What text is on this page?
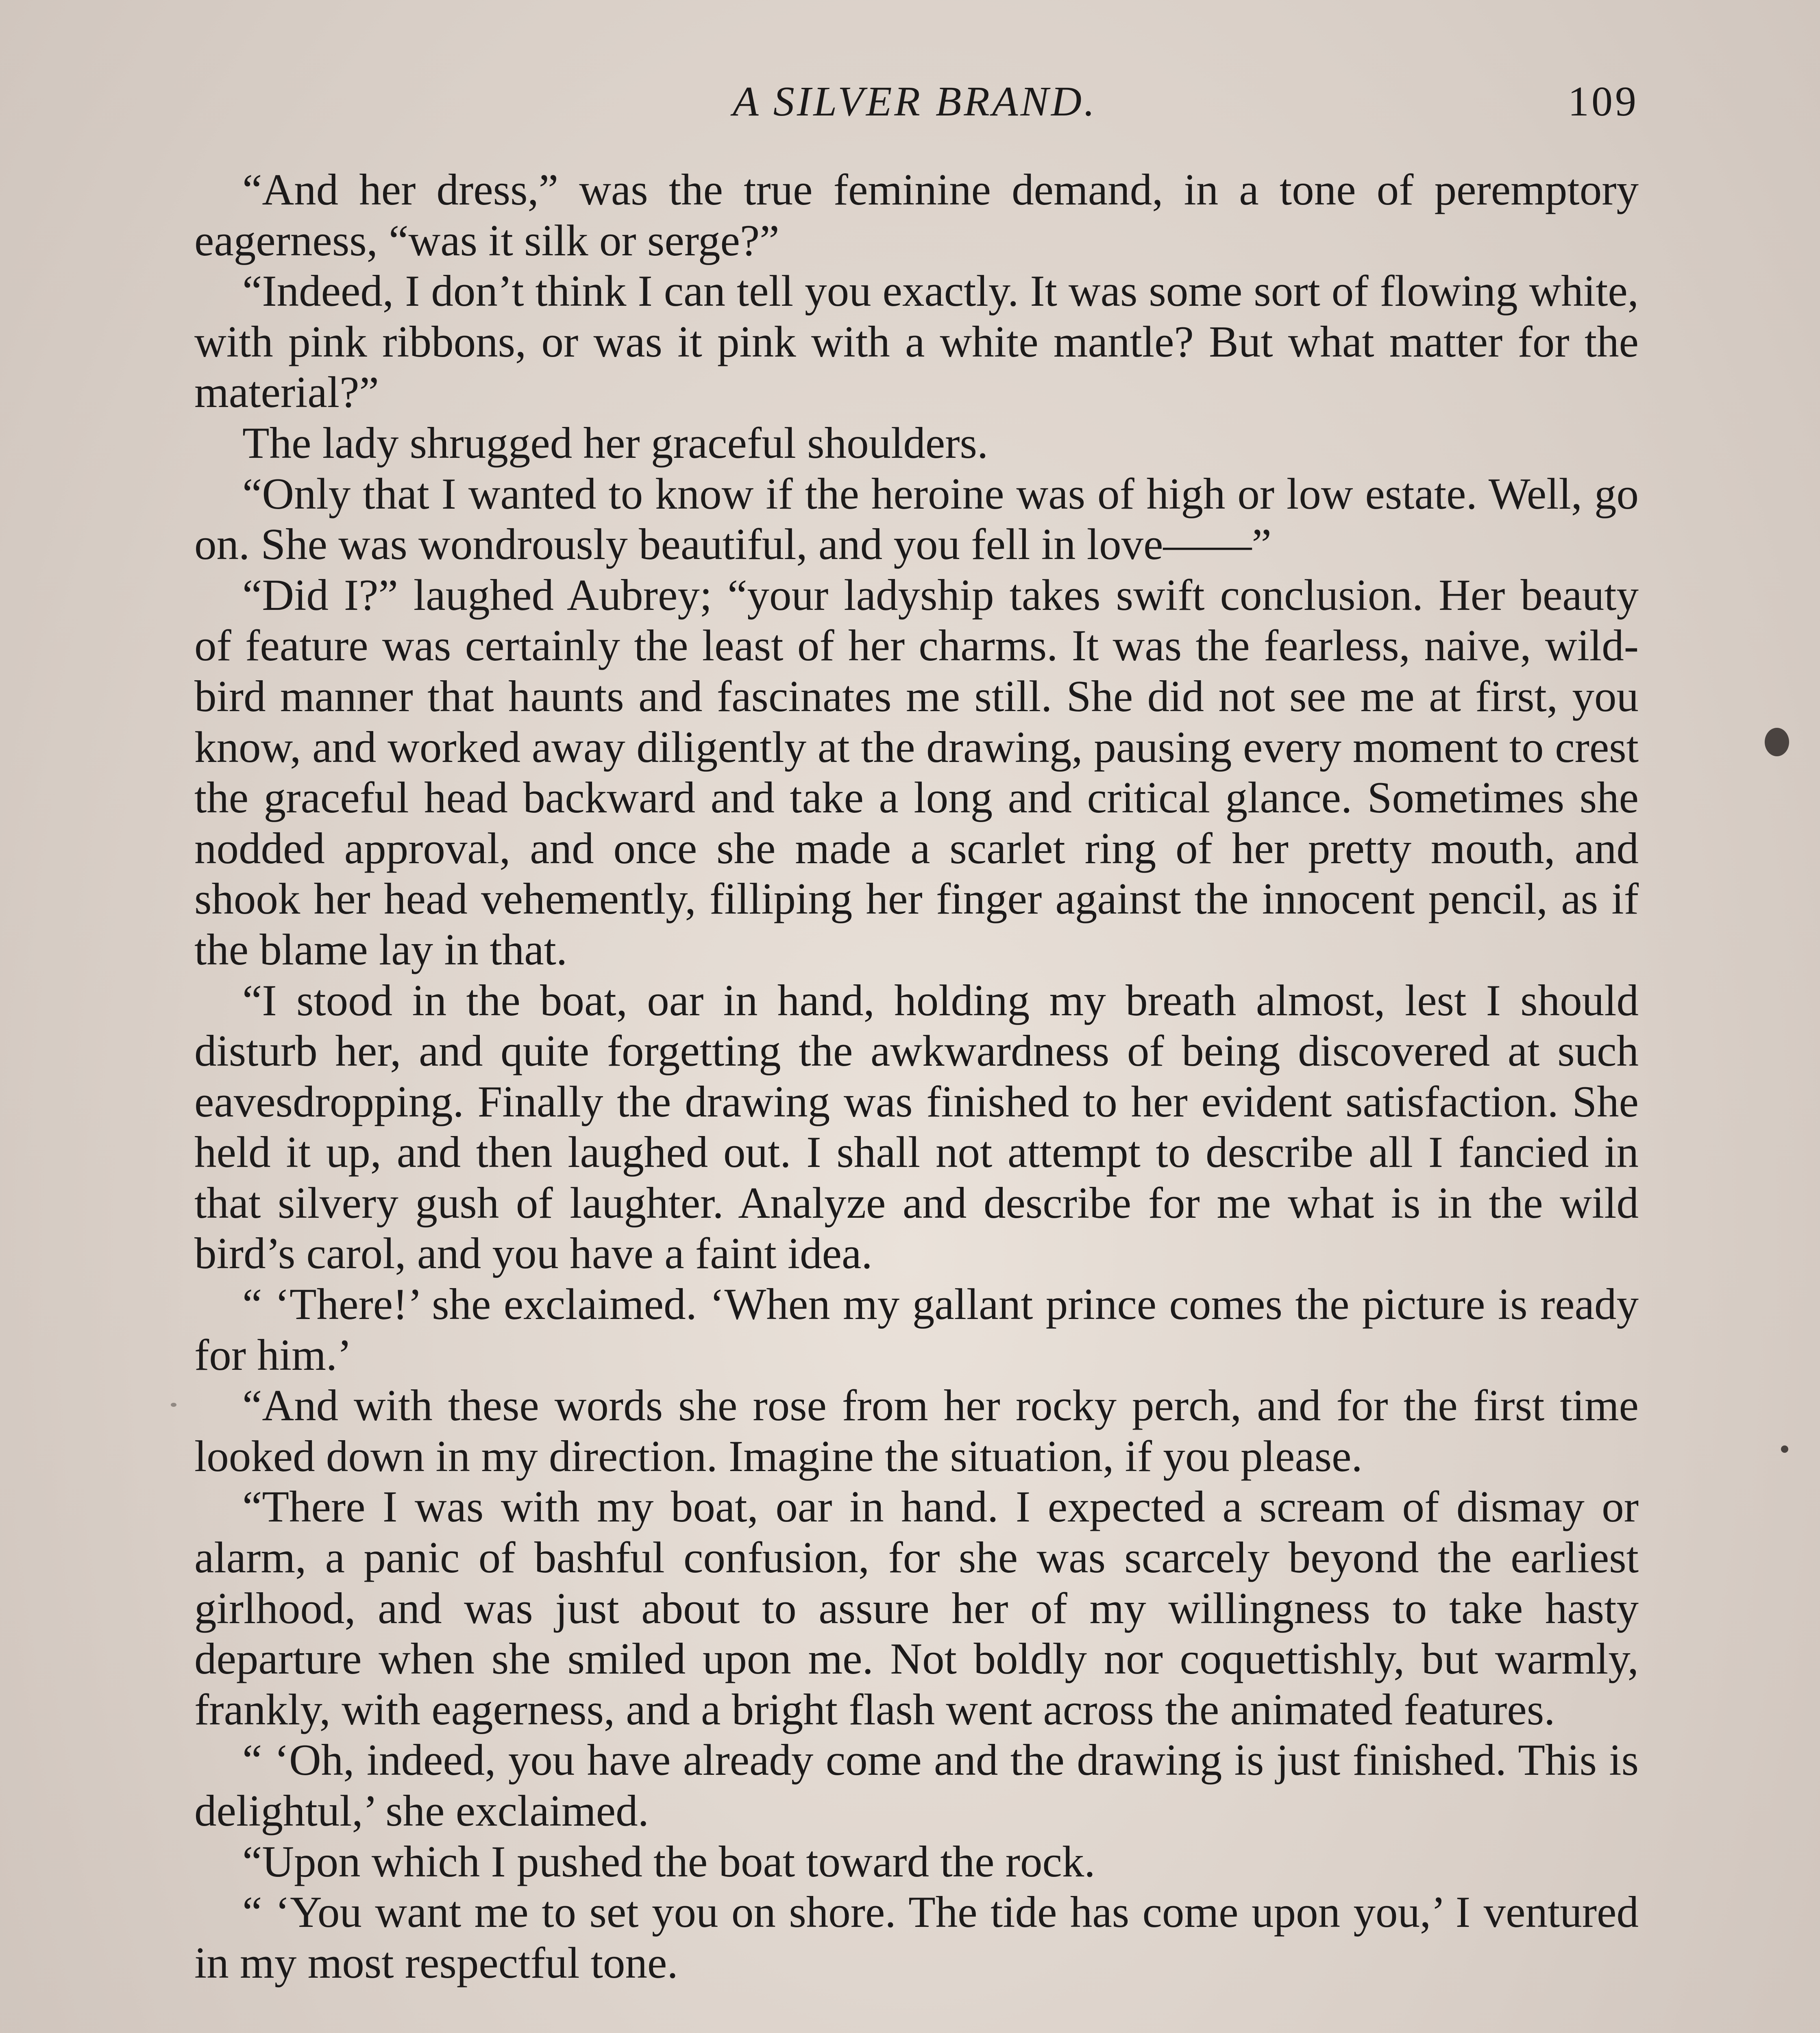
A SILVER BRAND.	109

“And her dress,” was the true feminine demand, in a tone of peremptory eagerness, “was it silk or serge?”

“Indeed, I don’t think I can tell you exactly. It was some sort of flowing white, with pink ribbons, or was it pink with a white mantle? But what matter for the material?”

The lady shrugged her graceful shoulders.

“Only that I wanted to know if the heroine was of high or low estate. Well, go on. She was wondrously beautiful, and you fell in love——”

“Did I?” laughed Aubrey; “your ladyship takes swift conclusion. Her beauty of feature was certainly the least of her charms. It was the fearless, naive, wild-bird manner that haunts and fascinates me still. She did not see me at first, you know, and worked away diligently at the drawing, pausing every moment to crest the graceful head backward and take a long and critical glance. Sometimes she nodded approval, and once she made a scarlet ring of her pretty mouth, and shook her head vehemently, filliping her finger against the innocent pencil, as if the blame lay in that.

“I stood in the boat, oar in hand, holding my breath almost, lest I should disturb her, and quite forgetting the awkwardness of being discovered at such eavesdropping. Finally the drawing was finished to her evident satisfaction. She held it up, and then laughed out. I shall not attempt to describe all I fancied in that silvery gush of laughter. Analyze and describe for me what is in the wild bird’s carol, and you have a faint idea.

“ ‘There!’ she exclaimed. ‘When my gallant prince comes the picture is ready for him.’

“And with these words she rose from her rocky perch, and for the first time looked down in my direction. Imagine the situation, if you please.

“There I was with my boat, oar in hand. I expected a scream of dismay or alarm, a panic of bashful confusion, for she was scarcely beyond the earliest girlhood, and was just about to assure her of my willingness to take hasty departure when she smiled upon me. Not boldly nor coquettishly, but warmly, frankly, with eagerness, and a bright flash went across the animated features.

“ ‘Oh, indeed, you have already come and the drawing is just finished. This is delightul,’ she exclaimed.

“Upon which I pushed the boat toward the rock.

“ ‘You want me to set you on shore. The tide has come upon you,’ I ventured in my most respectful tone.
